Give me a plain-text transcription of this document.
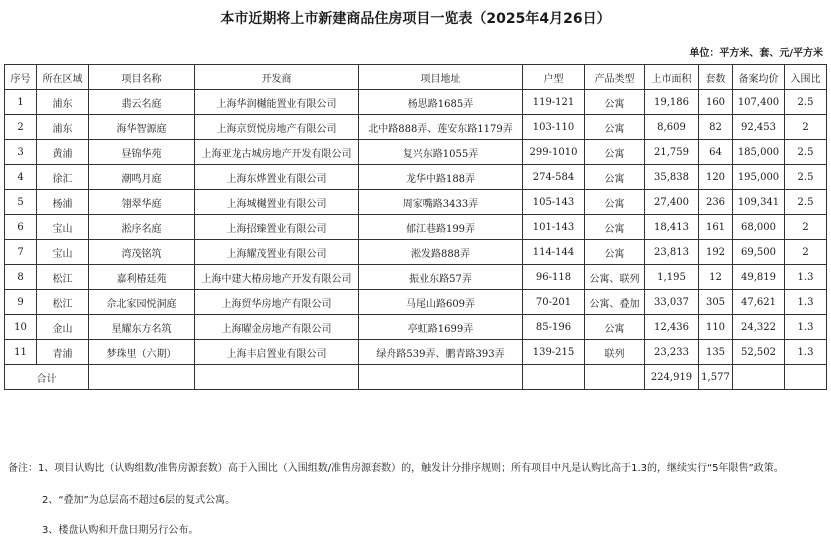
本市近期将上市新建商品住房项目一览表（2025年4月26日）
单位：平方米、套、元/平方米
序号	所在区域	项目名称	开发商	项目地址	户型	产品类型	上市面积	套数	备案均价	入围比
1	浦东	翡云名庭	上海华润樾能置业有限公司	杨思路1685弄	119-121	公寓	19,186	160	107,400	2.5
2	浦东	海华智源庭	上海京贸悦房地产有限公司	北中路888弄、莲安东路1179弄	103-110	公寓	8,609	82	92,453	2
3	黄浦	昼锦华苑	上海亚龙古城房地产开发有限公司	复兴东路1055弄	299-1010	公寓	21,759	64	185,000	2.5
4	徐汇	潮鸣月庭	上海东烨置业有限公司	龙华中路188弄	274-584	公寓	35,838	120	195,000	2.5
5	杨浦	翎翠华庭	上海城樾置业有限公司	周家嘴路3433弄	105-143	公寓	27,400	236	109,341	2.5
6	宝山	淞序名庭	上海招臻置业有限公司	郁江巷路199弄	101-143	公寓	18,413	161	68,000	2
7	宝山	湾茂铭筑	上海耀茂置业有限公司	淞发路888弄	114-144	公寓	23,813	192	69,500	2
8	松江	嘉利椿廷苑	上海中建大椿房地产开发有限公司	振业东路57弄	96-118	公寓、联列	1,195	12	49,819	1.3
9	松江	佘北家园悦洞庭	上海贸华房地产有限公司	马尾山路609弄	70-201	公寓、叠加	33,037	305	47,621	1.3
10	金山	星耀东方名筑	上海曜金房地产有限公司	亭虹路1699弄	85-196	公寓	12,436	110	24,322	1.3
11	青浦	梦珠里（六期）	上海丰启置业有限公司	绿舟路539弄、鹏青路393弄	139-215	联列	23,233	135	52,502	1.3
合计							224,919	1,577		
备注：1、项目认购比（认购组数/准售房源套数）高于入围比（入围组数/准售房源套数）的，触发计分排序规则；所有项目中凡是认购比高于1.3的，继续实行“5年限售”政策。
2、“叠加”为总层高不超过6层的复式公寓。
3、楼盘认购和开盘日期另行公布。
